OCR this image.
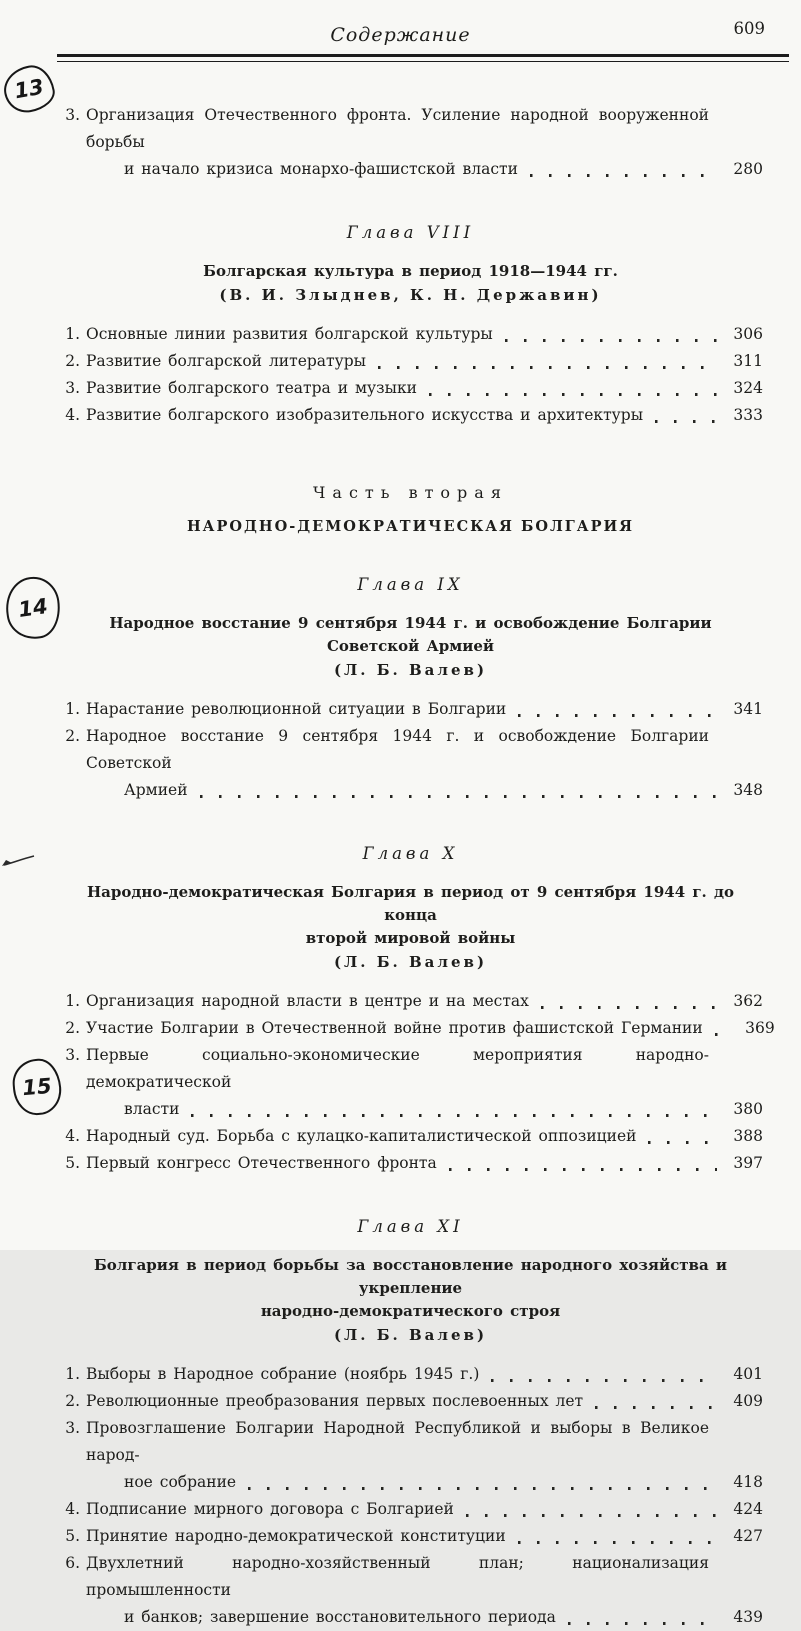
Содержание	609
3. Организация Отечественного фронта. Усиление народной вооруженной борьбы
и начало кризиса монархо-фашистской власти	280
Глава VIII
Болгарская культура в период 1918—1944 гг.
(В. И. Злыднев, К. Н. Державин)
1. Основные линии развития болгарской культуры	306
2. Развитие болгарской литературы	311
3. Развитие болгарского театра и музыки	324
4. Развитие болгарского изобразительного искусства и архитектуры	333
Часть вторая
НАРОДНО-ДЕМОКРАТИЧЕСКАЯ БОЛГАРИЯ
Глава IX
Народное восстание 9 сентября 1944 г. и освобождение Болгарии
Советской Армией
(Л. Б. Валев)
1. Нарастание революционной ситуации в Болгарии	341
2. Народное восстание 9 сентября 1944 г. и освобождение Болгарии Советской
Армией	348
Глава X
Народно-демократическая Болгария в период от 9 сентября 1944 г. до конца
второй мировой войны
(Л. Б. Валев)
1. Организация народной власти в центре и на местах	362
2. Участие Болгарии в Отечественной войне против фашистской Германии	369
3. Первые социально-экономические мероприятия народно-демократической
власти	380
4. Народный суд. Борьба с кулацко-капиталистической оппозицией	388
5. Первый конгресс Отечественного фронта	397
Глава XI
Болгария в период борьбы за восстановление народного хозяйства и укрепление
народно-демократического строя
(Л. Б. Валев)
1. Выборы в Народное собрание (ноябрь 1945 г.)	401
2. Революционные преобразования первых послевоенных лет	409
3. Провозглашение Болгарии Народной Республикой и выборы в Великое народ-
ное собрание	418
4. Подписание мирного договора с Болгарией	424
5. Принятие народно-демократической конституции	427
6. Двухлетний народно-хозяйственный план; национализация промышленности
и банков; завершение восстановительного периода	439
13
14
15
